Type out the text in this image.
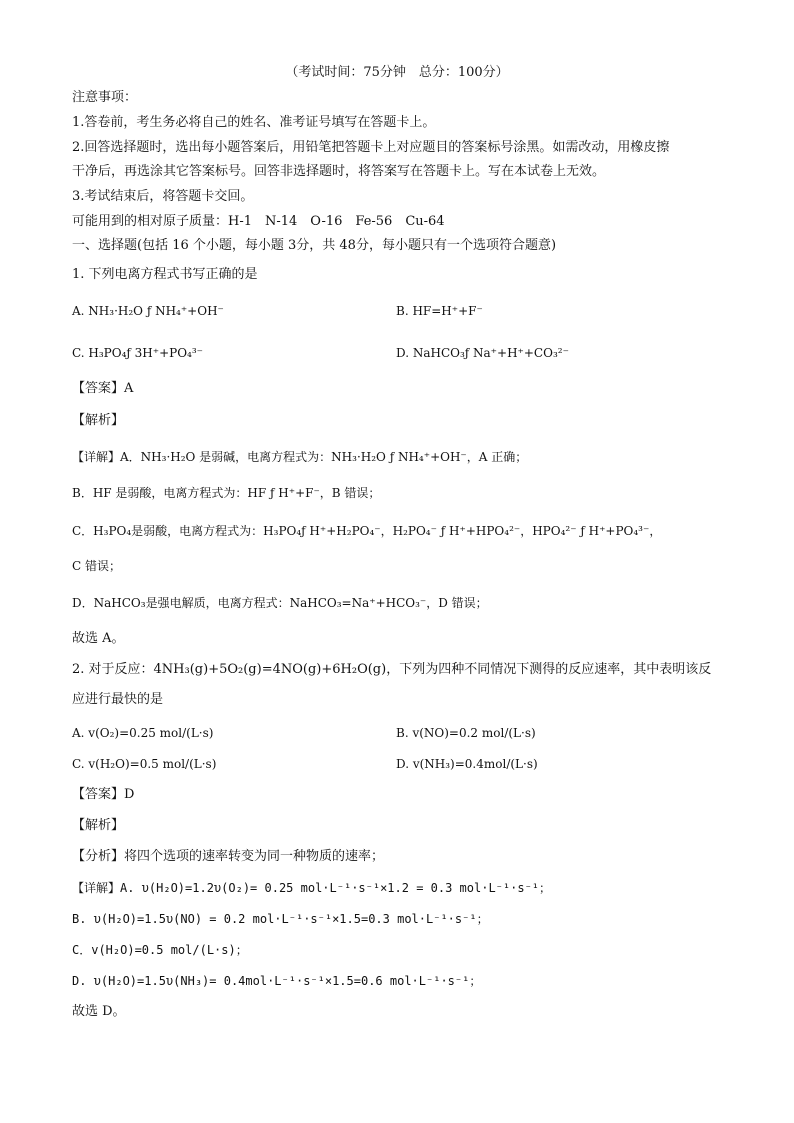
（考试时间：75分钟　总分：100分）
注意事项：
1.答卷前，考生务必将自己的姓名、准考证号填写在答题卡上。
2.回答选择题时，选出每小题答案后，用铅笔把答题卡上对应题目的答案标号涂黑。如需改动，用橡皮擦
干净后，再选涂其它答案标号。回答非选择题时，将答案写在答题卡上。写在本试卷上无效。
3.考试结束后，将答题卡交回。
可能用到的相对原子质量：H-1　N-14　O-16　Fe-56　Cu-64
一、选择题(包括 16 个小题，每小题 3分，共 48分，每小题只有一个选项符合题意)
1. 下列电离方程式书写正确的是
A. NH₃·H₂O ƒ NH₄⁺+OH⁻	B. HF=H⁺+F⁻
C. H₃PO₄ƒ 3H⁺+PO₄³⁻	D. NaHCO₃ƒ Na⁺+H⁺+CO₃²⁻
【答案】A
【解析】
【详解】A．NH₃·H₂O 是弱碱，电离方程式为：NH₃·H₂O ƒ NH₄⁺+OH⁻，A 正确；
B．HF 是弱酸，电离方程式为：HF ƒ H⁺+F⁻，B 错误；
C．H₃PO₄是弱酸，电离方程式为：H₃PO₄ƒ H⁺+H₂PO₄⁻，H₂PO₄⁻ ƒ H⁺+HPO₄²⁻，HPO₄²⁻ ƒ H⁺+PO₄³⁻，
C 错误；
D．NaHCO₃是强电解质，电离方程式：NaHCO₃=Na⁺+HCO₃⁻，D 错误；
故选 A。
2. 对于反应：4NH₃(g)+5O₂(g)=4NO(g)+6H₂O(g)，下列为四种不同情况下测得的反应速率，其中表明该反
应进行最快的是
A. v(O₂)=0.25 mol/(L·s)	B. v(NO)=0.2 mol/(L·s)
C. v(H₂O)=0.5 mol/(L·s)	D. v(NH₃)=0.4mol/(L·s)
【答案】D
【解析】
【分析】将四个选项的速率转变为同一种物质的速率；
【详解】A. υ(H₂O)=1.2υ(O₂)= 0.25 mol·L⁻¹·s⁻¹×1.2 = 0.3 mol·L⁻¹·s⁻¹；
B. υ(H₂O)=1.5υ(NO) = 0.2 mol·L⁻¹·s⁻¹×1.5=0.3 mol·L⁻¹·s⁻¹；
C．v(H₂O)=0.5 mol/(L·s)；
D. υ(H₂O)=1.5υ(NH₃)= 0.4mol·L⁻¹·s⁻¹×1.5=0.6 mol·L⁻¹·s⁻¹；
故选 D。
